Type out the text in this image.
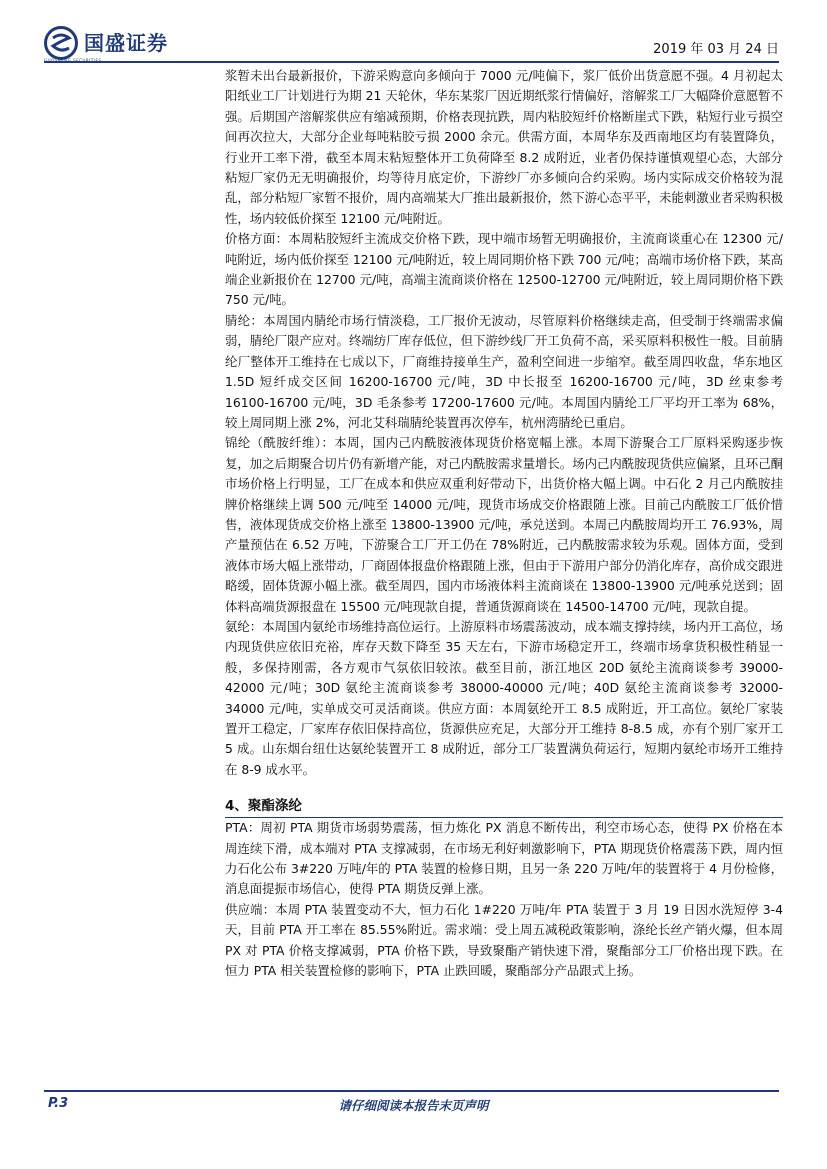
国盛证券
GUOSHENG SECURITIES
2019 年 03 月 24 日

浆暂未出台最新报价，下游采购意向多倾向于 7000 元/吨偏下，浆厂低价出货意愿不强。4 月初起太阳纸业工厂计划进行为期 21 天轮休，华东某浆厂因近期纸浆行情偏好，溶解浆工厂大幅降价意愿暂不强。后期国产溶解浆供应有缩减预期，价格表现抗跌，周内粘胶短纤价格断崖式下跌，粘短行业亏损空间再次拉大，大部分企业每吨粘胶亏损 2000 余元。供需方面，本周华东及西南地区均有装置降负，行业开工率下滑，截至本周末粘短整体开工负荷降至 8.2 成附近，业者仍保持谨慎观望心态，大部分粘短厂家仍无无明确报价，均等待月底定价，下游纱厂亦多倾向合约采购。场内实际成交价格较为混乱，部分粘短厂家暂不报价，周内高端某大厂推出最新报价，然下游心态平平，未能刺激业者采购积极性，场内较低价探至 12100 元/吨附近。

价格方面：本周粘胶短纤主流成交价格下跌，现中端市场暂无明确报价，主流商谈重心在 12300 元/吨附近，场内低价探至 12100 元/吨附近，较上周同期价格下跌 700 元/吨；高端市场价格下跌，某高端企业新报价在 12700 元/吨，高端主流商谈价格在 12500-12700 元/吨附近，较上周同期价格下跌 750 元/吨。

腈纶：本周国内腈纶市场行情淡稳，工厂报价无波动，尽管原料价格继续走高，但受制于终端需求偏弱，腈纶厂限产应对。终端纺厂库存低位，但下游纱线厂开工负荷不高，采买原料积极性一般。目前腈纶厂整体开工维持在七成以下，厂商维持接单生产，盈利空间进一步缩窄。截至周四收盘，华东地区 1.5D 短纤成交区间 16200-16700 元/吨，3D 中长报至 16200-16700 元/吨，3D 丝束参考 16100-16700 元/吨，3D 毛条参考 17200-17600 元/吨。本周国内腈纶工厂平均开工率为 68%，较上周同期上涨 2%，河北艾科瑞腈纶装置再次停车，杭州湾腈纶已重启。

锦纶（酰胺纤维）：本周，国内己内酰胺液体现货价格宽幅上涨。本周下游聚合工厂原料采购逐步恢复，加之后期聚合切片仍有新增产能，对己内酰胺需求量增长。场内己内酰胺现货供应偏紧，且环己酮市场价格上行明显，工厂在成本和供应双重利好带动下，出货价格大幅上调。中石化 2 月己内酰胺挂牌价格继续上调 500 元/吨至 14000 元/吨，现货市场成交价格跟随上涨。目前己内酰胺工厂低价惜售，液体现货成交价格上涨至 13800-13900 元/吨，承兑送到。本周己内酰胺周均开工 76.93%，周产量预估在 6.52 万吨，下游聚合工厂开工仍在 78%附近，己内酰胺需求较为乐观。固体方面，受到液体市场大幅上涨带动，厂商固体报盘价格跟随上涨，但由于下游用户部分仍消化库存，高价成交跟进略缓，固体货源小幅上涨。截至周四，国内市场液体料主流商谈在 13800-13900 元/吨承兑送到；固体料高端货源报盘在 15500 元/吨现款自提，普通货源商谈在 14500-14700 元/吨，现款自提。

氨纶：本周国内氨纶市场维持高位运行。上游原料市场震荡波动，成本端支撑持续，场内开工高位，场内现货供应依旧充裕，库存天数下降至 35 天左右，下游市场稳定开工，终端市场拿货积极性稍显一般，多保持刚需，各方观市气氛依旧较浓。截至目前，浙江地区 20D 氨纶主流商谈参考 39000-42000 元/吨；30D 氨纶主流商谈参考 38000-40000 元/吨；40D 氨纶主流商谈参考 32000-34000 元/吨，实单成交可灵活商谈。供应方面：本周氨纶开工 8.5 成附近，开工高位。氨纶厂家装置开工稳定，厂家库存依旧保持高位，货源供应充足，大部分开工维持 8-8.5 成，亦有个别厂家开工 5 成。山东烟台纽仕达氨纶装置开工 8 成附近，部分工厂装置满负荷运行，短期内氨纶市场开工维持在 8-9 成水平。

4、聚酯涤纶

PTA：周初 PTA 期货市场弱势震荡，恒力炼化 PX 消息不断传出，利空市场心态，使得 PX 价格在本周连续下滑，成本端对 PTA 支撑减弱，在市场无利好刺激影响下，PTA 期现货价格震荡下跌，周内恒力石化公布 3#220 万吨/年的 PTA 装置的检修日期，且另一条 220 万吨/年的装置将于 4 月份检修，消息面提振市场信心，使得 PTA 期货反弹上涨。

供应端：本周 PTA 装置变动不大，恒力石化 1#220 万吨/年 PTA 装置于 3 月 19 日因水洗短停 3-4 天，目前 PTA 开工率在 85.55%附近。需求端：受上周五减税政策影响，涤纶长丝产销火爆，但本周 PX 对 PTA 价格支撑减弱，PTA 价格下跌，导致聚酯产销快速下滑，聚酯部分工厂价格出现下跌。在恒力 PTA 相关装置检修的影响下，PTA 止跌回暖，聚酯部分产品跟式上扬。

P.3	请仔细阅读本报告末页声明
